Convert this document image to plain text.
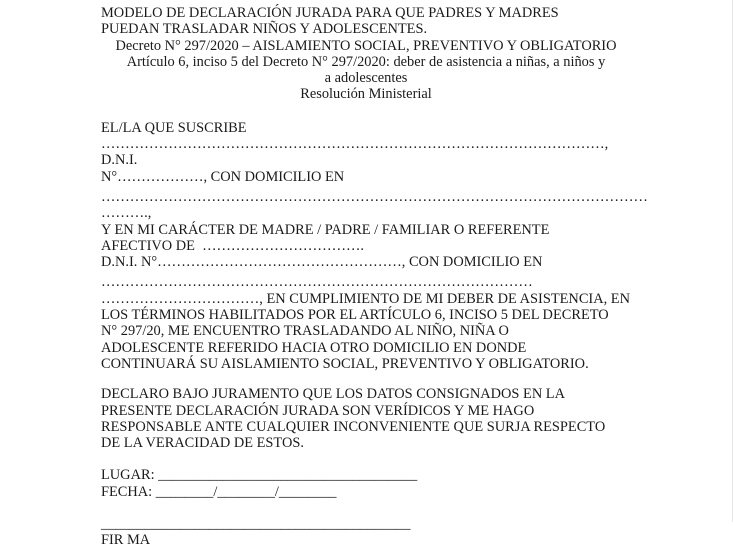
MODELO DE DECLARACIÓN JURADA PARA QUE PADRES Y MADRES

PUEDAN TRASLADAR NIÑOS Y ADOLESCENTES.

Decreto N° 297/2020 – AISLAMIENTO SOCIAL, PREVENTIVO Y OBLIGATORIO

Artículo 6, inciso 5 del Decreto N° 297/2020: deber de asistencia a niñas, a niños y

a adolescentes

Resolución Ministerial

EL/LA QUE SUSCRIBE

……………………………………………………………………………………………, D.N.I.

N°………………, CON DOMICILIO EN

……………………………………………………………………………………………………

……….,

Y EN MI CARÁCTER DE MADRE / PADRE / FAMILIAR O REFERENTE

AFECTIVO DE  …………………………….

D.N.I. N°……………………………………………, CON DOMICILIO EN

………………………………………………………………………………

……………………………, EN CUMPLIMIENTO DE MI DEBER DE ASISTENCIA, EN

LOS TÉRMINOS HABILITADOS POR EL ARTÍCULO 6, INCISO 5 DEL DECRETO

N° 297/20, ME ENCUENTRO TRASLADANDO AL NIÑO, NIÑA O

ADOLESCENTE REFERIDO HACIA OTRO DOMICILIO EN DONDE

CONTINUARÁ SU AISLAMIENTO SOCIAL, PREVENTIVO Y OBLIGATORIO.

DECLARO BAJO JURAMENTO QUE LOS DATOS CONSIGNADOS EN LA

PRESENTE DECLARACIÓN JURADA SON VERÍDICOS Y ME HAGO

RESPONSABLE ANTE CUALQUIER INCONVENIENTE QUE SURJA RESPECTO

DE LA VERACIDAD DE ESTOS.

LUGAR: ____________________________________

FECHA: ________/________/________

___________________________________________

FIR MA
